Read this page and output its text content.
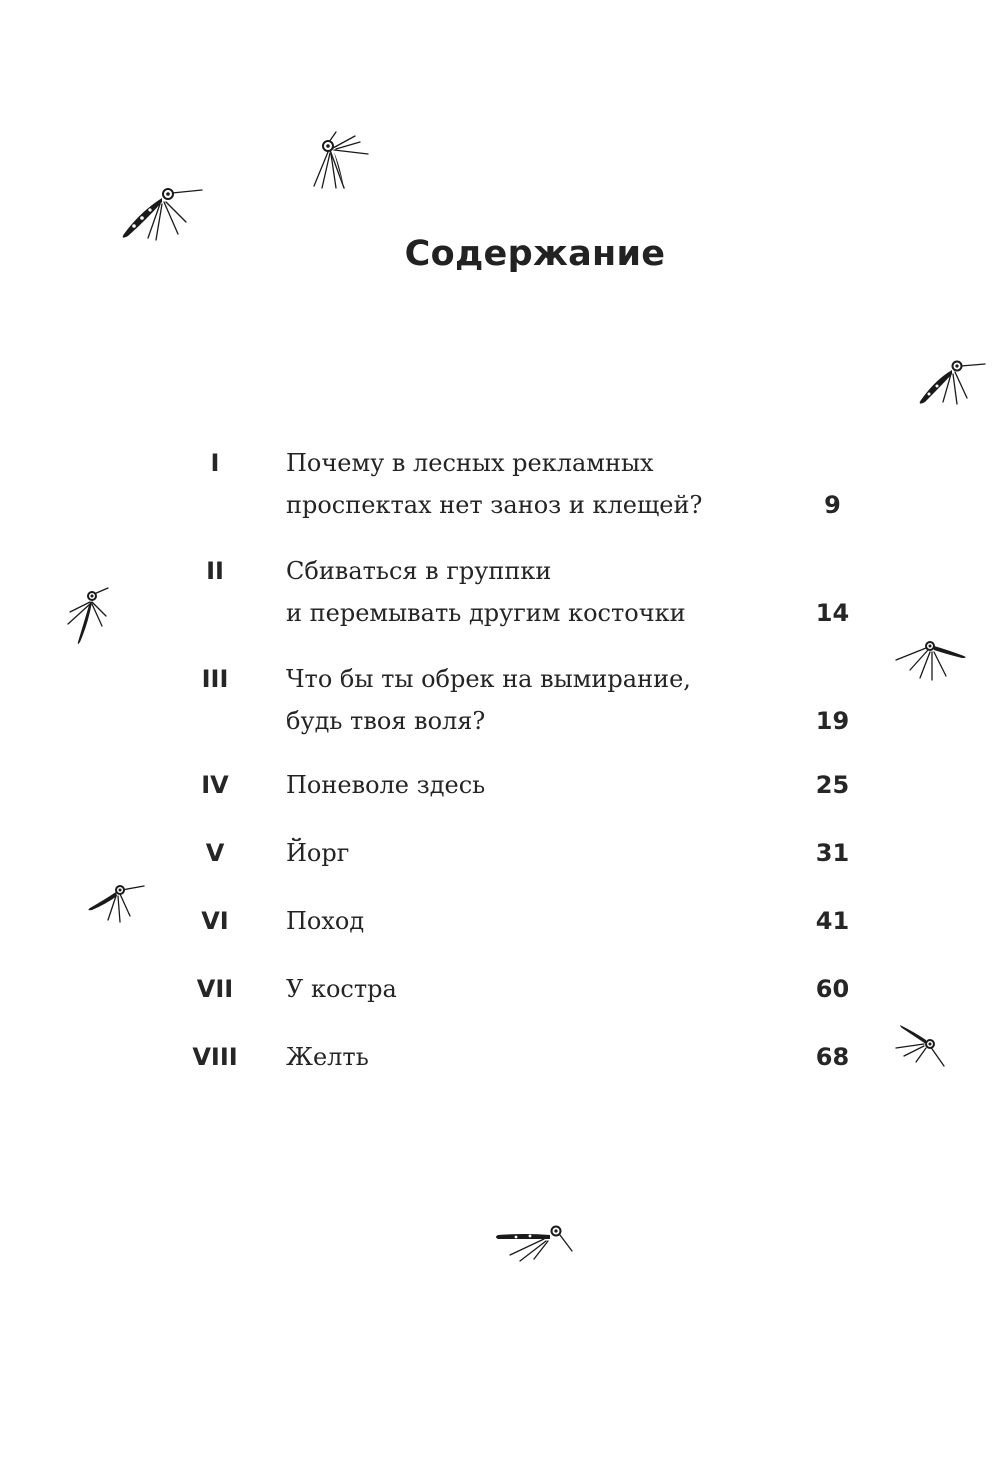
Содержание
I	Почему в лесных рекламных
проспектах нет заноз и клещей?	9
II	Сбиваться в группки
и перемывать другим косточки	14
III	Что бы ты обрек на вымирание,
будь твоя воля?	19
IV	Поневоле здесь	25
V	Йорг	31
VI	Поход	41
VII	У костра	60
VIII	Желть	68
